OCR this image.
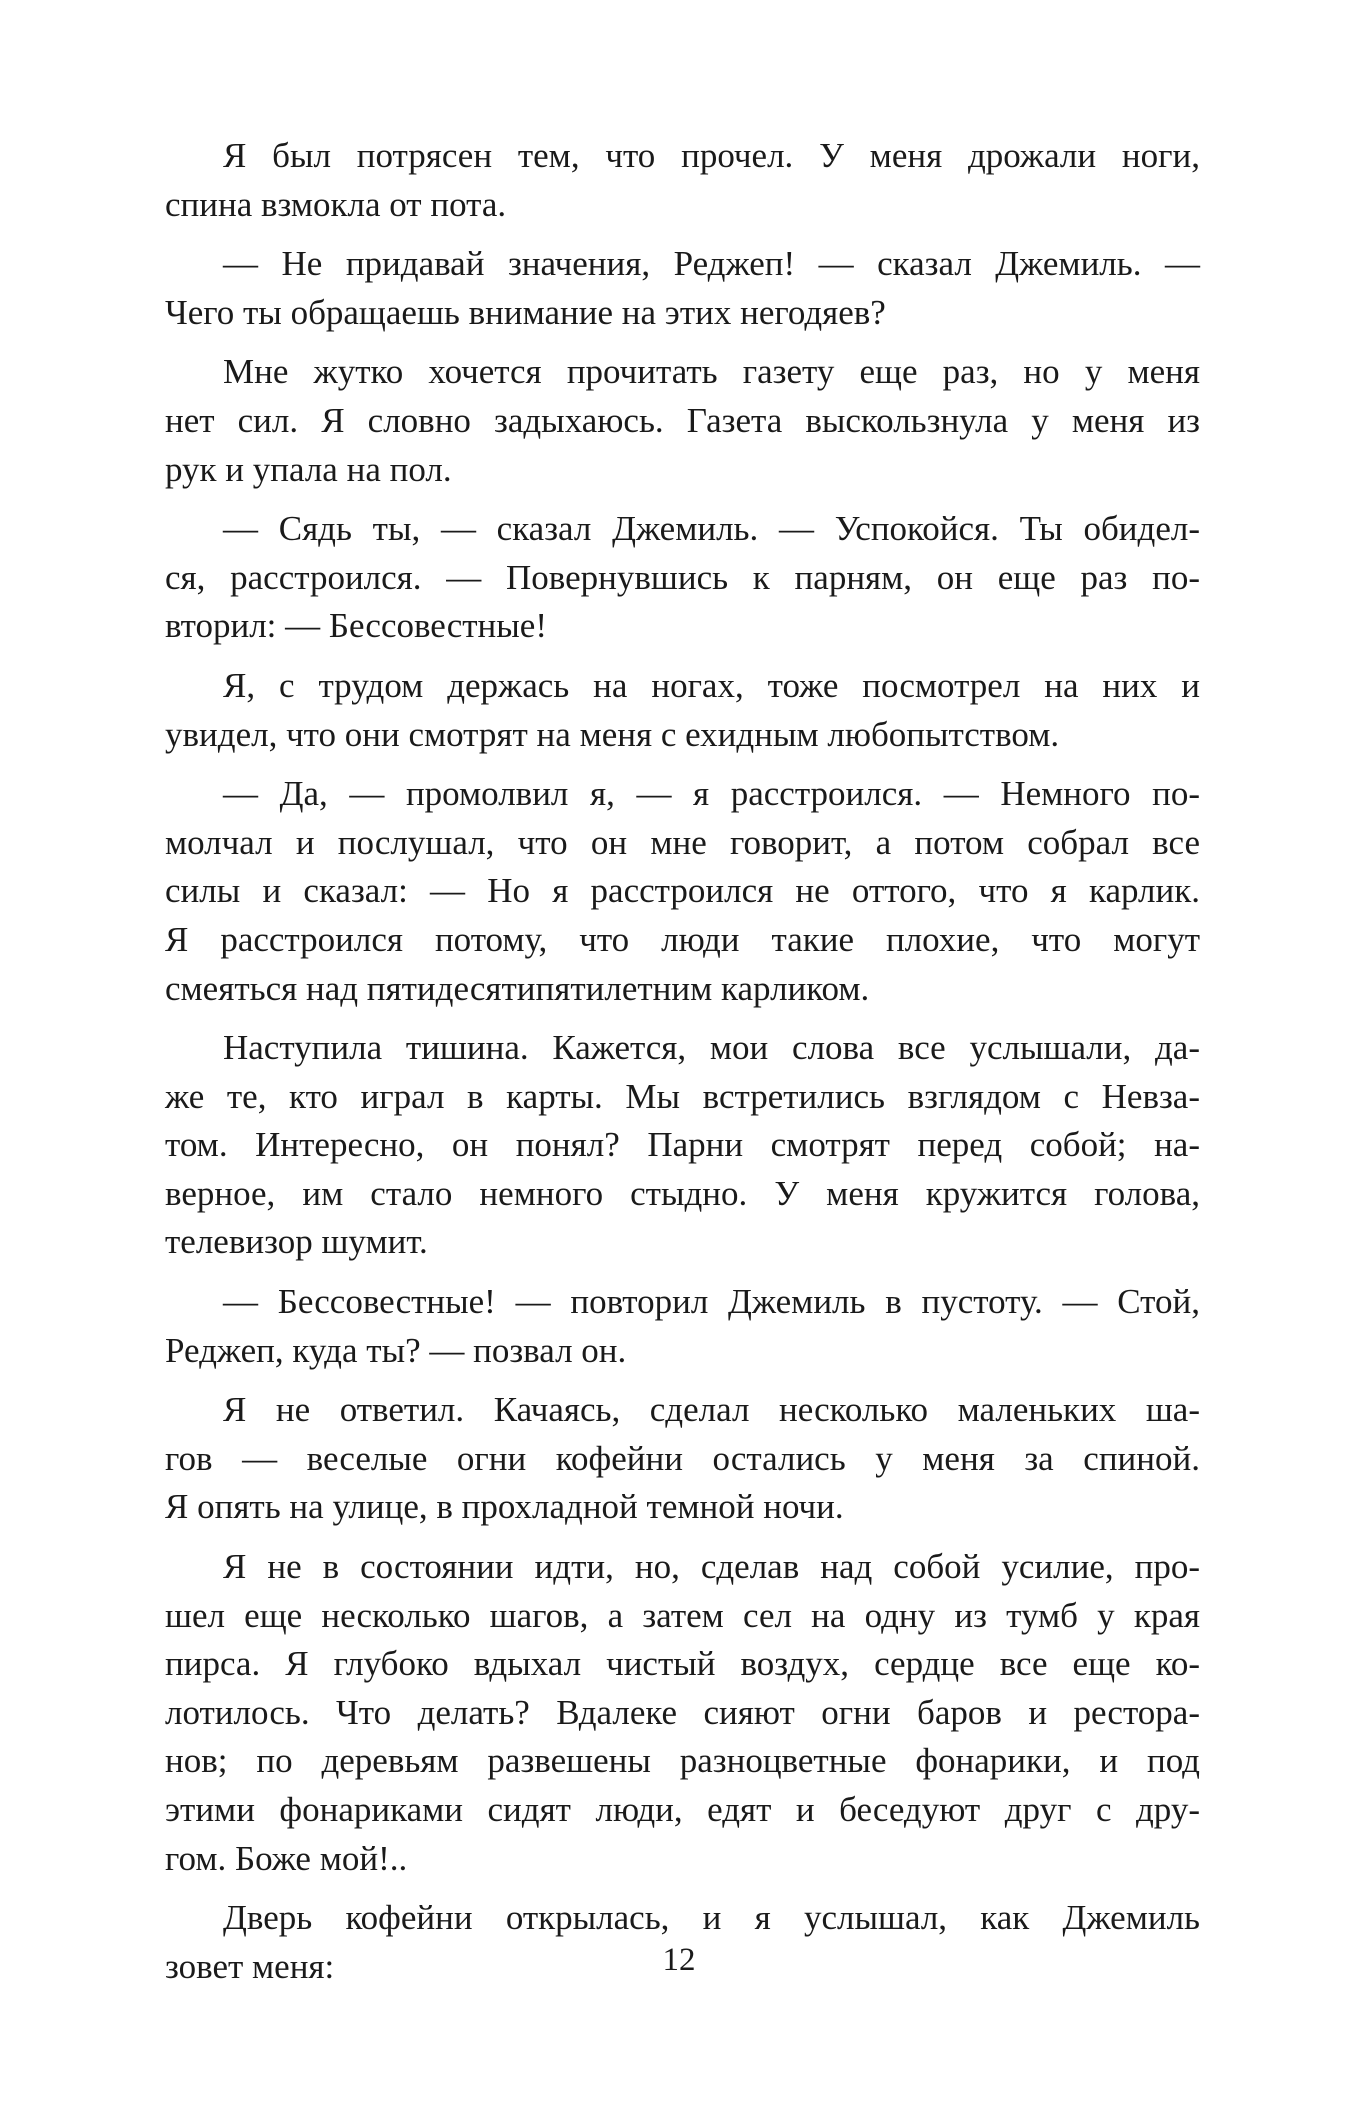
Я был потрясен тем, что прочел. У меня дрожали ноги,
спина взмокла от пота.
— Не придавай значения, Реджеп! — сказал Джемиль. —
Чего ты обращаешь внимание на этих негодяев?
Мне жутко хочется прочитать газету еще раз, но у меня
нет сил. Я словно задыхаюсь. Газета выскользнула у меня из
рук и упала на пол.
— Сядь ты, — сказал Джемиль. — Успокойся. Ты обидел-
ся, расстроился. — Повернувшись к парням, он еще раз по-
вторил: — Бессовестные!
Я, с трудом держась на ногах, тоже посмотрел на них и
увидел, что они смотрят на меня с ехидным любопытством.
— Да, — промолвил я, — я расстроился. — Немного по-
молчал и послушал, что он мне говорит, а потом собрал все
силы и сказал: — Но я расстроился не оттого, что я карлик.
Я расстроился потому, что люди такие плохие, что могут
смеяться над пятидесятипятилетним карликом.
Наступила тишина. Кажется, мои слова все услышали, да-
же те, кто играл в карты. Мы встретились взглядом с Невза-
том. Интересно, он понял? Парни смотрят перед собой; на-
верное, им стало немного стыдно. У меня кружится голова,
телевизор шумит.
— Бессовестные! — повторил Джемиль в пустоту. — Стой,
Реджеп, куда ты? — позвал он.
Я не ответил. Качаясь, сделал несколько маленьких ша-
гов — веселые огни кофейни остались у меня за спиной.
Я опять на улице, в прохладной темной ночи.
Я не в состоянии идти, но, сделав над собой усилие, про-
шел еще несколько шагов, а затем сел на одну из тумб у края
пирса. Я глубоко вдыхал чистый воздух, сердце все еще ко-
лотилось. Что делать? Вдалеке сияют огни баров и рестора-
нов; по деревьям развешены разноцветные фонарики, и под
этими фонариками сидят люди, едят и беседуют друг с дру-
гом. Боже мой!..
Дверь кофейни открылась, и я услышал, как Джемиль
зовет меня:	12
